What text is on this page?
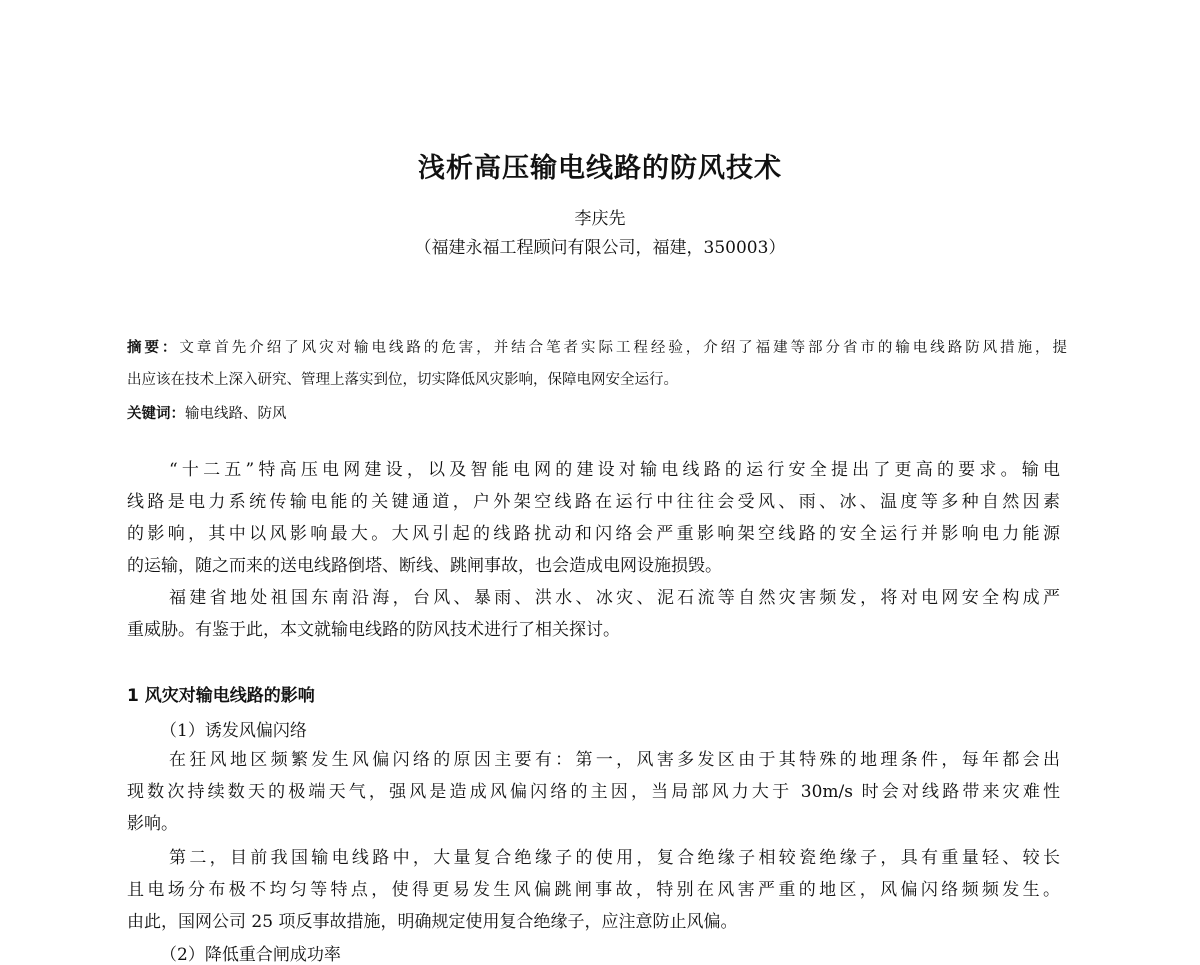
浅析高压输电线路的防风技术
李庆先
（福建永福工程顾问有限公司，福建，350003）
摘要：文章首先介绍了风灾对输电线路的危害，并结合笔者实际工程经验，介绍了福建等部分省市的输电线路防风措施，提
出应该在技术上深入研究、管理上落实到位，切实降低风灾影响，保障电网安全运行。
关键词：输电线路、防风
“十二五”特高压电网建设，以及智能电网的建设对输电线路的运行安全提出了更高的要求。输电
线路是电力系统传输电能的关键通道，户外架空线路在运行中往往会受风、雨、冰、温度等多种自然因素
的影响，其中以风影响最大。大风引起的线路扰动和闪络会严重影响架空线路的安全运行并影响电力能源
的运输，随之而来的送电线路倒塔、断线、跳闸事故，也会造成电网设施损毁。
福建省地处祖国东南沿海，台风、暴雨、洪水、冰灾、泥石流等自然灾害频发，将对电网安全构成严
重威胁。有鉴于此，本文就输电线路的防风技术进行了相关探讨。
1 风灾对输电线路的影响
（1）诱发风偏闪络
在狂风地区频繁发生风偏闪络的原因主要有：第一，风害多发区由于其特殊的地理条件，每年都会出
现数次持续数天的极端天气，强风是造成风偏闪络的主因，当局部风力大于 30m/s 时会对线路带来灾难性
影响。
第二，目前我国输电线路中，大量复合绝缘子的使用，复合绝缘子相较瓷绝缘子，具有重量轻、较长
且电场分布极不均匀等特点，使得更易发生风偏跳闸事故，特别在风害严重的地区，风偏闪络频频发生。
由此，国网公司 25 项反事故措施，明确规定使用复合绝缘子，应注意防止风偏。
（2）降低重合闸成功率
